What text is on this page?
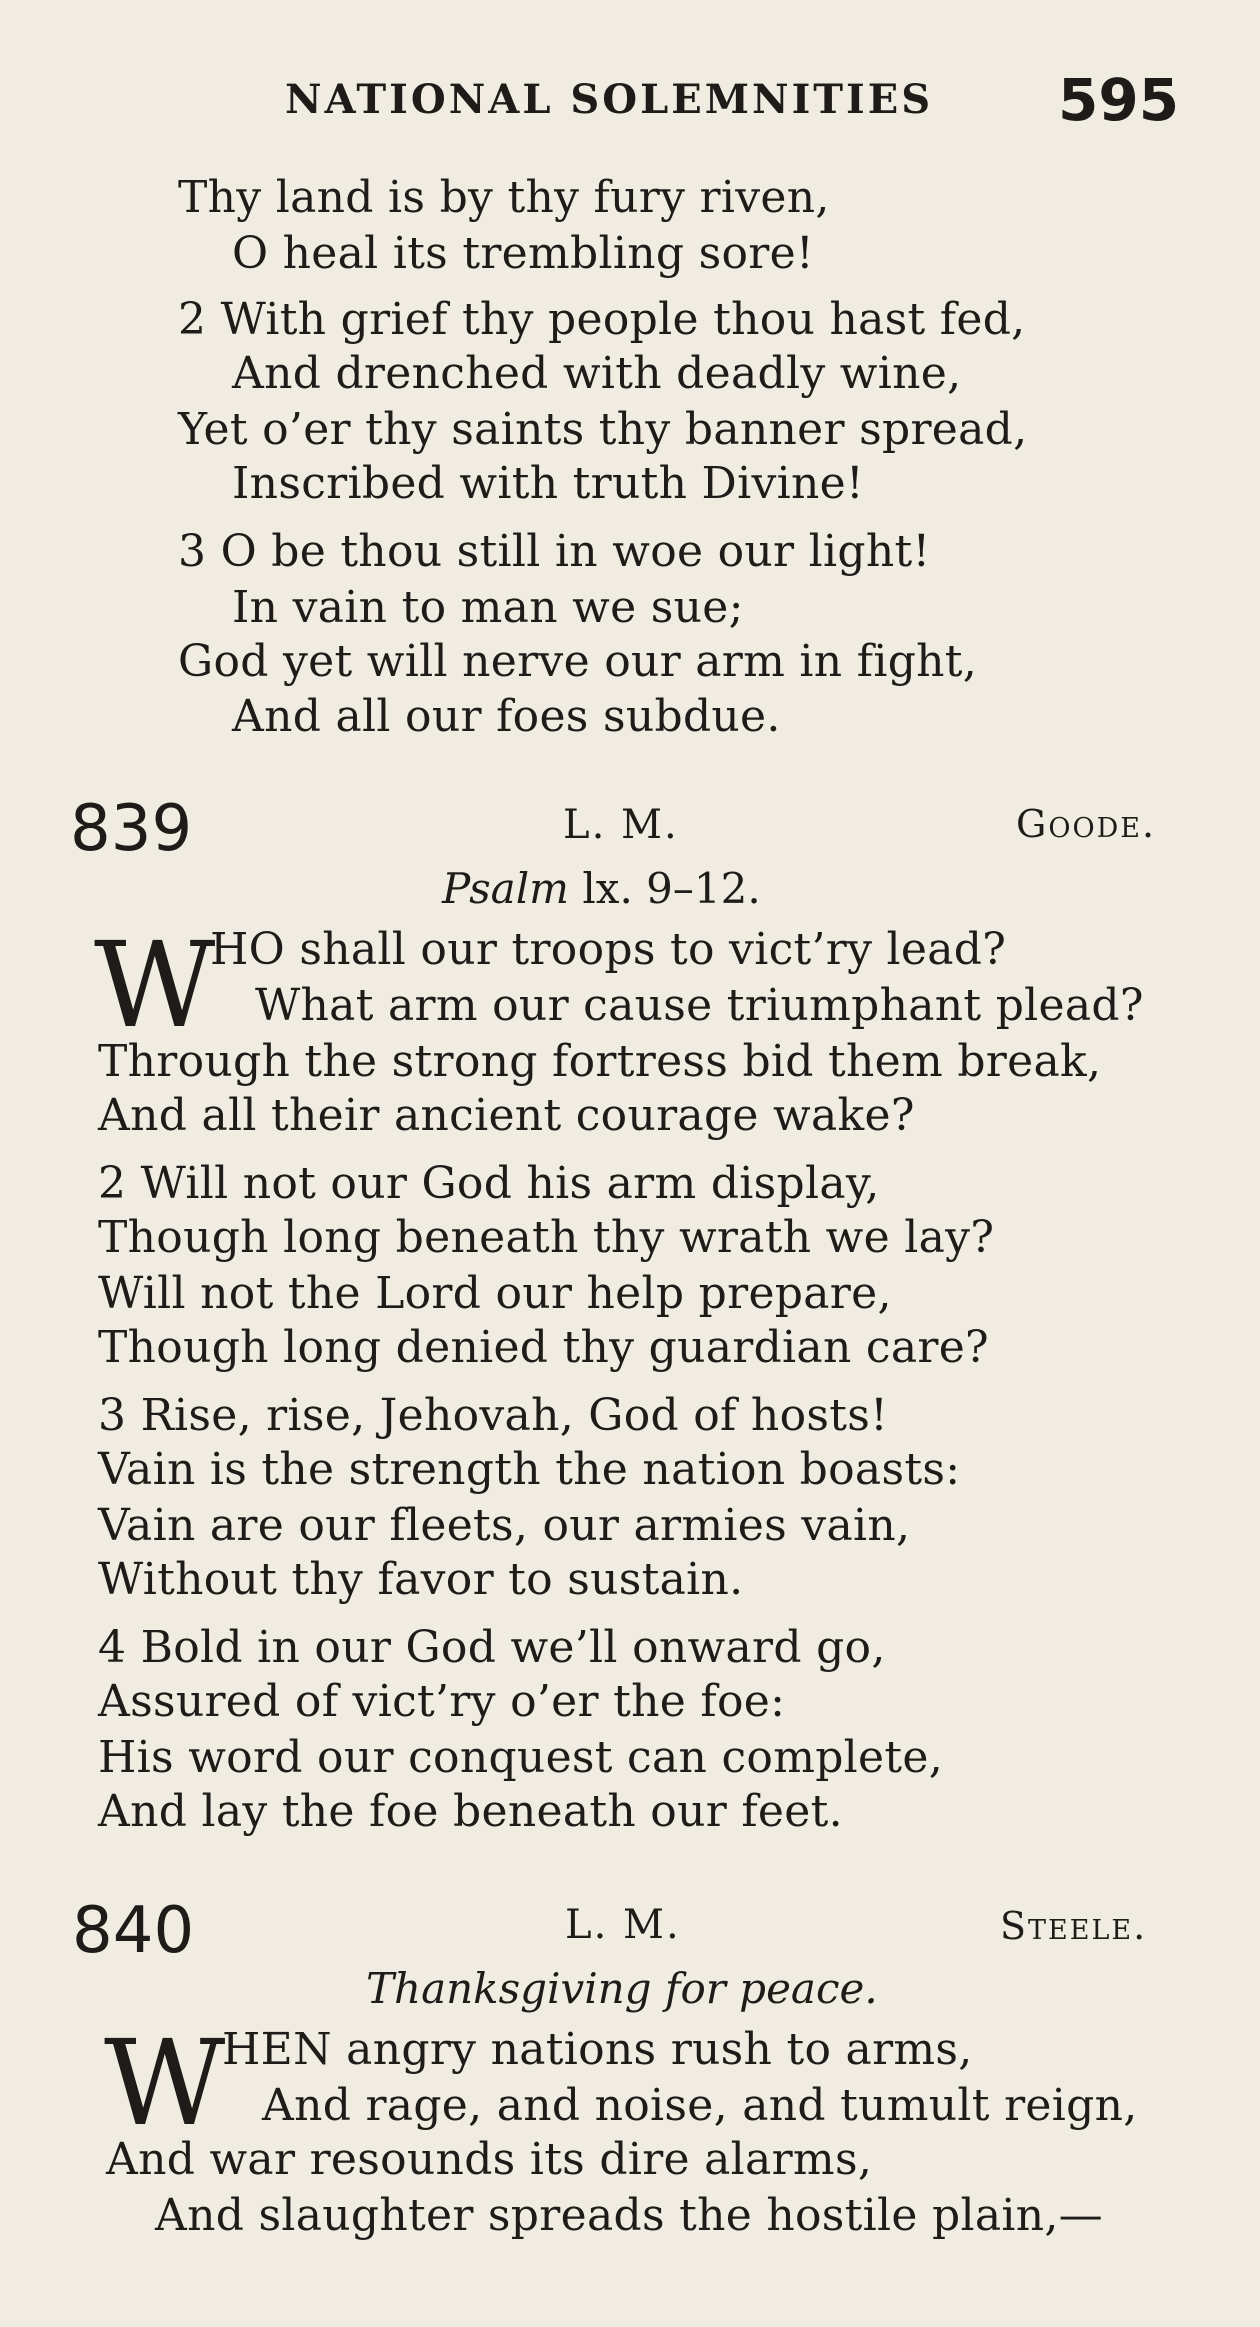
NATIONAL SOLEMNITIES 595
Thy land is by thy fury riven,
O heal its trembling sore!
2 With grief thy people thou hast fed,
And drenched with deadly wine,
Yet o’er thy saints thy banner spread,
Inscribed with truth Divine!
3 O be thou still in woe our light!
In vain to man we sue;
God yet will nerve our arm in fight,
And all our foes subdue.
839	L. M.	Goode.
Psalm lx. 9–12.
W
HO shall our troops to vict’ry lead?
What arm our cause triumphant plead?
Through the strong fortress bid them break,
And all their ancient courage wake?
2 Will not our God his arm display,
Though long beneath thy wrath we lay?
Will not the Lord our help prepare,
Though long denied thy guardian care?
3 Rise, rise, Jehovah, God of hosts!
Vain is the strength the nation boasts:
Vain are our fleets, our armies vain,
Without thy favor to sustain.
4 Bold in our God we’ll onward go,
Assured of vict’ry o’er the foe:
His word our conquest can complete,
And lay the foe beneath our feet.
840	L. M.	Steele.
Thanksgiving for peace.
W
HEN angry nations rush to arms,
And rage, and noise, and tumult reign,
And war resounds its dire alarms,
And slaughter spreads the hostile plain,—
